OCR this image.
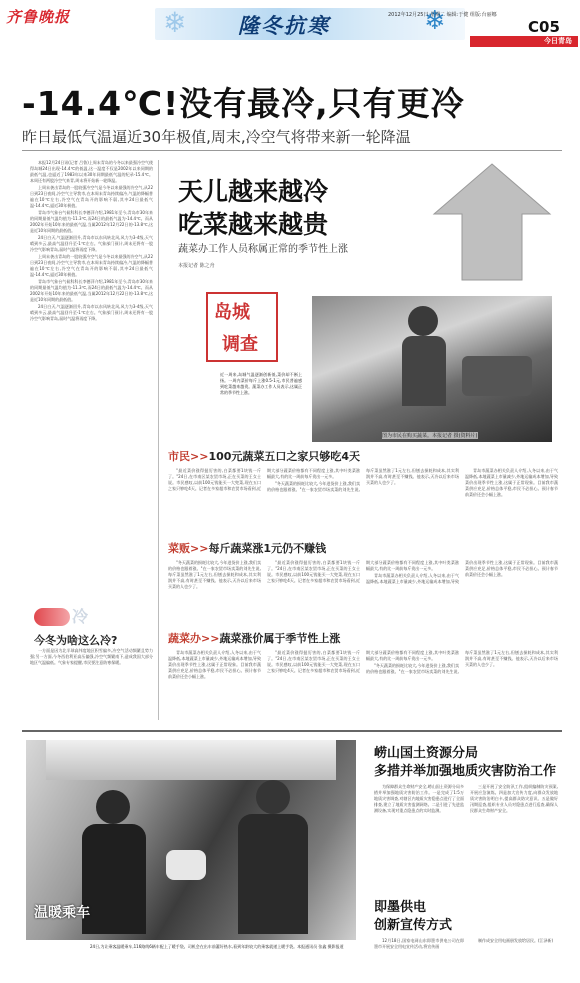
齐鲁晚报	❄	❄
隆冬抗寒	2012年12月25日 星期二 编辑:于健 组版:台丽娜
C05
今日青岛
-14.4℃!没有最冷,只有更冷
昨日最低气温逼近30年极值,周末,冷空气将带来新一轮降温

本报12月24日讯(记者 吕鲁)上周末青岛的今冬以来最强冷空气使得岛城24日出现-14.4℃的低温,这一温度不仅是2002年以来同期的最低气温,也逼近了1983年以来30年同期最低气温的纪录-15.4℃。本周还有两股冷空气来青,周末将开始新一轮降温。

上周末袭击青岛的一股较强冷空气是今冬以来最强的冷空气,从22日到23日夜间,冷空气主导我市,在本周末青岛持续偏冷,气温的降幅普遍在10℃左右,冷空气在青岛开的影响不弱,其中24日最低气温-14.4℃,逼近30年极值。

青岛市气象台气候科科长李德萍介绍,1981年至今,青岛市30年来的同期最低气温均值为-11.3℃,而24日的最低气温为-14.4℃。而从2002年开始10年来的最低气温,当属2012年12月22日的-13.8℃,这是近10年同期的最低值。

24日白天,气温逐渐回升,青岛市以东风转北风,风力为3-4级,天气晴到多云,最高气温回升至-1℃左右。气象部门预计,周末还将有一股冷空气影响青岛,届时气温将再度下降。

上周末袭击青岛的一股较强冷空气是今冬以来最强的冷空气,从22日到23日夜间,冷空气主导我市,在本周末青岛持续偏冷,气温的降幅普遍在10℃左右,冷空气在青岛开的影响不弱,其中24日最低气温-14.4℃,逼近30年极值。

青岛市气象台气候科科长李德萍介绍,1981年至今,青岛市30年来的同期最低气温均值为-11.3℃,而24日的最低气温为-14.4℃。而从2002年开始10年来的最低气温,当属2012年12月22日的-13.8℃,这是近10年同期的最低值。

24日白天,气温逐渐回升,青岛市以东风转北风,风力为3-4级,天气晴到多云,最高气温回升至-1℃左右。气象部门预计,周末还将有一股冷空气影响青岛,届时气温将再度下降。

冷
今冬为啥这么冷?

一方面是因为北半球高纬度地区积雪偏多,冷空气活动频繁且势力强;另一方面,今冬西伯利亚高压偏强,冷空气频繁南下,造成我国大部分地区气温偏低。气象专家提醒,市民要注意防寒保暖。

天儿越来越冷
吃菜越来越贵
蔬菜办工作人员称属正常的季节性上涨
本报记者 陈之舟
岛城
调查

近一周来,岛城气温逐渐创新低,菜价却不断上扬。一周内菜价每斤上涨0.5-1元,市民普遍感到吃菜越来越贵。蔬菜办工作人员表示,这属正常的季节性上涨。

图为市民在购买蔬菜。本报记者 摄(资料片)
市民>>100元蔬菜五口之家只够吃4天

"最近菜价涨得挺厉害的,白菜都要1块钱一斤了。"24日,在市南区某农贸市场,正在买菜的王女士说。市民感叹,以前100元钱能买一大兜菜,现在五口之家只够吃4天。记者在多家超市和农贸市场看到,近期大部分蔬菜价格都有不同程度上涨,其中叶类菜涨幅最大,有的比一周前每斤贵出一元多。

"冬天蔬菜的损耗比较大,今年进货价上涨,我们卖的价格也跟着涨。"在一家农贸市场卖菜的刘先生说,每斤菜虽然涨了1元左右,但刨去损耗和成本,其实利润并不高,有时甚至不赚钱。他表示,天冷以后来市场买菜的人也少了。

青岛市蔬菜办相关负责人介绍,入冬以来,由于气温降低,本地蔬菜上市量减少,外地运输成本增加,导致菜价出现季节性上涨,这属于正常现象。目前我市蔬菜供应充足,价格总体平稳,市民不必担心。预计春节前菜价还会小幅上涨。

菜贩>>每斤蔬菜涨1元仍不赚钱

"冬天蔬菜的损耗比较大,今年进货价上涨,我们卖的价格也跟着涨。"在一家农贸市场卖菜的刘先生说,每斤菜虽然涨了1元左右,但刨去损耗和成本,其实利润并不高,有时甚至不赚钱。他表示,天冷以后来市场买菜的人也少了。

"最近菜价涨得挺厉害的,白菜都要1块钱一斤了。"24日,在市南区某农贸市场,正在买菜的王女士说。市民感叹,以前100元钱能买一大兜菜,现在五口之家只够吃4天。记者在多家超市和农贸市场看到,近期大部分蔬菜价格都有不同程度上涨,其中叶类菜涨幅最大,有的比一周前每斤贵出一元多。

青岛市蔬菜办相关负责人介绍,入冬以来,由于气温降低,本地蔬菜上市量减少,外地运输成本增加,导致菜价出现季节性上涨,这属于正常现象。目前我市蔬菜供应充足,价格总体平稳,市民不必担心。预计春节前菜价还会小幅上涨。

蔬菜办>>蔬菜涨价属于季节性上涨

青岛市蔬菜办相关负责人介绍,入冬以来,由于气温降低,本地蔬菜上市量减少,外地运输成本增加,导致菜价出现季节性上涨,这属于正常现象。目前我市蔬菜供应充足,价格总体平稳,市民不必担心。预计春节前菜价还会小幅上涨。

"最近菜价涨得挺厉害的,白菜都要1块钱一斤了。"24日,在市南区某农贸市场,正在买菜的王女士说。市民感叹,以前100元钱能买一大兜菜,现在五口之家只够吃4天。记者在多家超市和农贸市场看到,近期大部分蔬菜价格都有不同程度上涨,其中叶类菜涨幅最大,有的比一周前每斤贵出一元多。

"冬天蔬菜的损耗比较大,今年进货价上涨,我们卖的价格也跟着涨。"在一家农贸市场卖菜的刘先生说,每斤菜虽然涨了1元左右,但刨去损耗和成本,其实利润并不高,有时甚至不赚钱。他表示,天冷以后来市场买菜的人也少了。

温暖乘车

24日,为让乘客温暖乘车,116路线6辆车配上了暖手袋。司机会在出车前灌好热水,看到年龄较大的乘客就递上暖手袋。本报通讯员 张鑫 摄影报道

崂山国土资源分局
多措并举加强地质灾害防治工作

为保障群众生命财产安全,崂山国土资源分局多措并举加强地质灾害防治工作。一是完成了1:5万地质灾害调查,对辖区内地质灾害隐患点进行了全面排查,建立了地质灾害监测网络。二是引进了先进监测设备,实现对重点隐患点的实时监测。

三是开展了安全防汛工作,组织编制防灾预案,开展应急演练。四是加大宣传力度,向群众发放地质灾害防治明白卡,提高群众防灾意识。五是做好汛期巡查,组织专业人员对隐患点进行巡查,确保人民群众生命财产安全。

即墨供电
创新宣传方式

12月18日,国家电网山东即墨市供电公司在即墨市开展安全用电宣传活动,将宣传画

制作成安全用电画册发放给居民。(江泽新)
